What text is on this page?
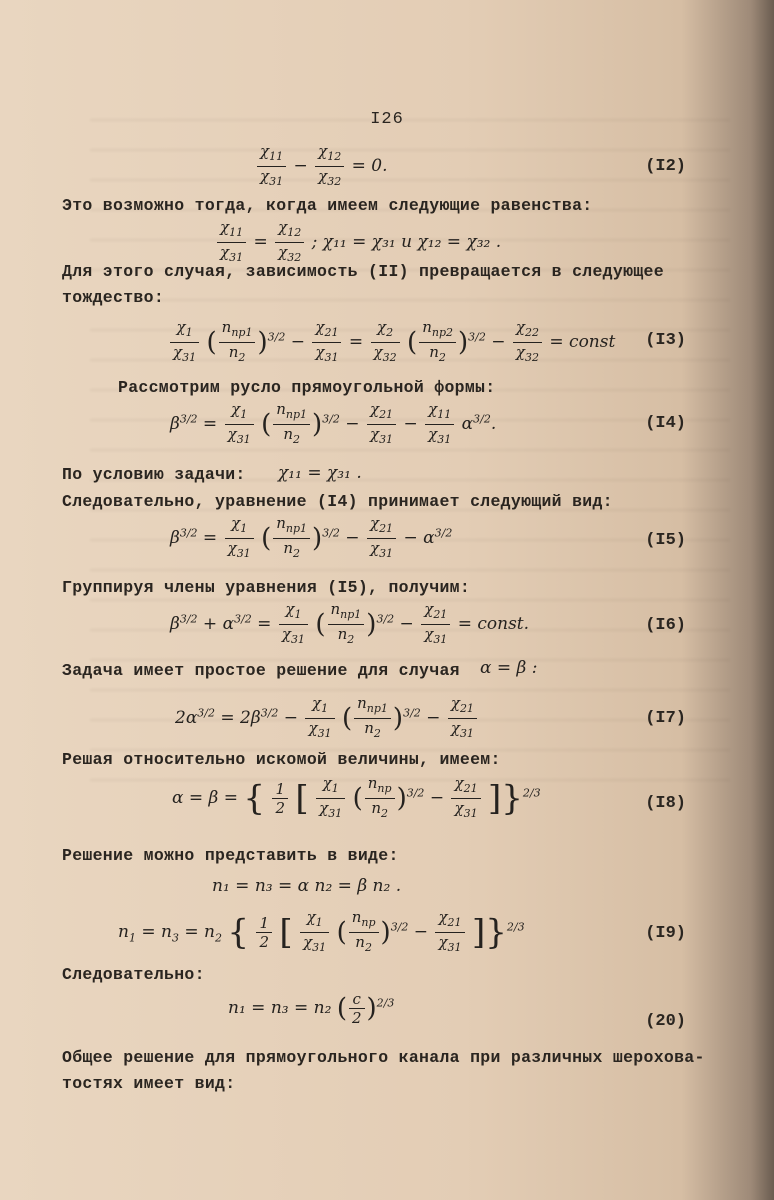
I26
$\frac{\chi_{11}}{\chi_{31}} - \frac{\chi_{12}}{\chi_{32}} = 0$.	(I2)
Это возможно тогда, когда имеем следующие равенства:
$\frac{\chi_{11}}{\chi_{31}} = \frac{\chi_{12}}{\chi_{32}}$ ; χ₁₁ = χ₃₁ и χ₁₂ = χ₃₂ .
Для этого случая, зависимость (II) превращается в следующее
тождество:
$\frac{\chi_1}{\chi_{31}}$ ( $\frac{n_{np1}}{n_2} )^{3/2} - \frac{\chi_{21}}{\chi_{31}} = \frac{\chi_2}{\chi_{32}}$ ( $\frac{n_{np2}}{n_2} )^{3/2} - \frac{\chi_{22}}{\chi_{32}}$ = const (I3)
Рассмотрим русло прямоугольной формы:
$\beta^{3/2} = \frac{\chi_1}{\chi_{31}}$ ( $\frac{n_{np1}}{n_2} )^{3/2} - \frac{\chi_{21}}{\chi_{31}} - \frac{\chi_{11}}{\chi_{31}} \alpha^{3/2}$.	(I4)
По условию задачи: χ₁₁ = χ₃₁ .
Следовательно, уравнение (I4) принимает следующий вид:
$\beta^{3/2} = \frac{\chi_1}{\chi_{31}}$ ( $\frac{n_{np1}}{n_2} )^{3/2} - \frac{\chi_{21}}{\chi_{31}} - \alpha^{3/2}$	(I5)
Группируя члены уравнения (I5), получим:
$\beta^{3/2} + \alpha^{3/2} = \frac{\chi_1}{\chi_{31}}$ ( $\frac{n_{np1}}{n_2} )^{3/2} - \frac{\chi_{21}}{\chi_{31}}$ = const.	(I6)
Задача имеет простое решение для случая α = β :
$2\alpha^{3/2} = 2\beta^{3/2} - \frac{\chi_1}{\chi_{31}}$ ( $\frac{n_{np1}}{n_2} )^{3/2} - \frac{\chi_{21}}{\chi_{31}}$	(I7)
Решая относительно искомой величины, имеем:
α = β = { $\frac{1}{2}$ [ $\frac{\chi_1}{\chi_{31}}$ ( $\frac{n_{np}}{n_2} )^{3/2} - \frac{\chi_{21}}{\chi_{31}} ]\}^{2/3}$
(I8)
Решение можно представить в виде:
n₁ = n₃ = α n₂ = β n₂ .
$n_1 = n_3 = n_2$ { $\frac{1}{2}$ [ $\frac{\chi_1}{\chi_{31}}$ ( $\frac{n_{np}}{n_2} )^{3/2} - \frac{\chi_{21}}{\chi_{31}} ]\}^{2/3}$	(I9)
Следовательно:
n₁ = n₃ = n₂ ( $\frac{c}{2} )^{2/3}$
(20)
Общее решение для прямоугольного канала при различных шерохова-
тостях имеет вид:
